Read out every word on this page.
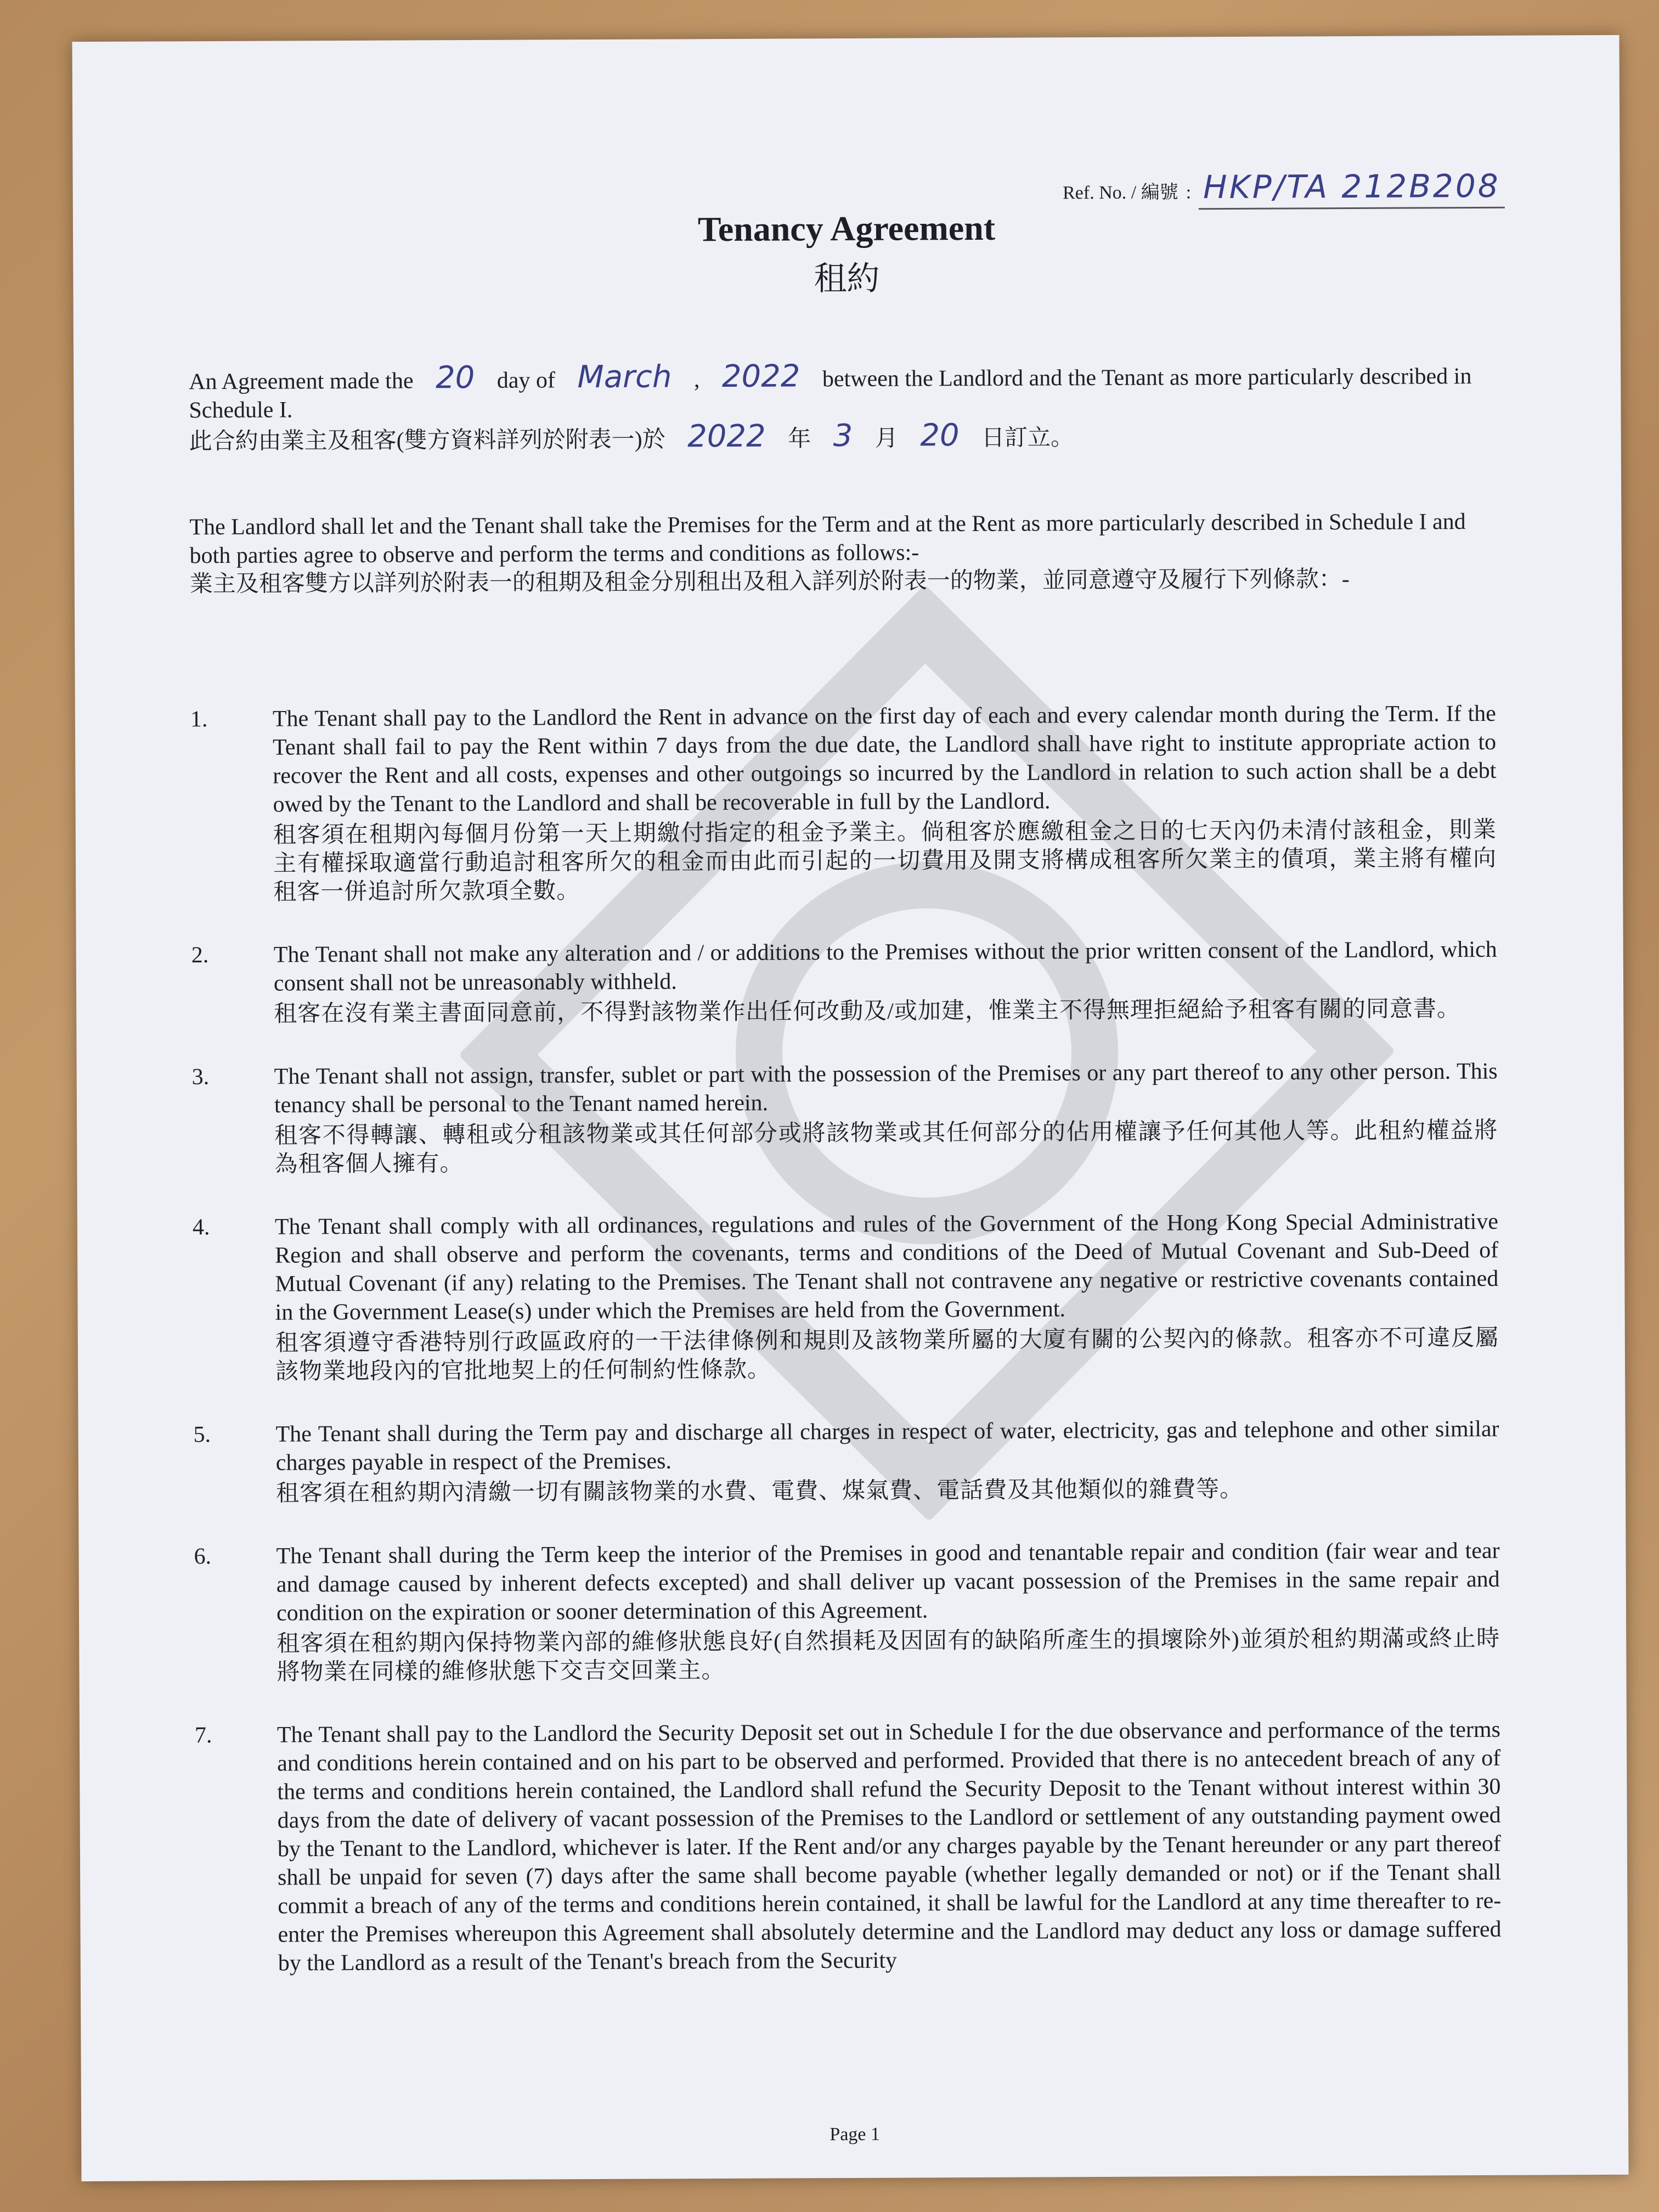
Ref. No. / 編號 : HKP/TA 212B208
Tenancy Agreement
租約
An Agreement made the 20 day of March , 2022 between the Landlord and the Tenant as more particularly described in Schedule I.
此合約由業主及租客(雙方資料詳列於附表一)於 2022 年 3 月 20 日訂立。
The Landlord shall let and the Tenant shall take the Premises for the Term and at the Rent as more particularly described in Schedule I and both parties agree to observe and perform the terms and conditions as follows:-
業主及租客雙方以詳列於附表一的租期及租金分別租出及租入詳列於附表一的物業，並同意遵守及履行下列條款：-
1.	The Tenant shall pay to the Landlord the Rent in advance on the first day of each and every calendar month during the Term. If the Tenant shall fail to pay the Rent within 7 days from the due date, the Landlord shall have right to institute appropriate action to recover the Rent and all costs, expenses and other outgoings so incurred by the Landlord in relation to such action shall be a debt owed by the Tenant to the Landlord and shall be recoverable in full by the Landlord.
租客須在租期內每個月份第一天上期繳付指定的租金予業主。倘租客於應繳租金之日的七天內仍未清付該租金，則業主有權採取適當行動追討租客所欠的租金而由此而引起的一切費用及開支將構成租客所欠業主的債項，業主將有權向租客一併追討所欠款項全數。
2.	The Tenant shall not make any alteration and / or additions to the Premises without the prior written consent of the Landlord, which consent shall not be unreasonably withheld.
租客在沒有業主書面同意前，不得對該物業作出任何改動及/或加建，惟業主不得無理拒絕給予租客有關的同意書。
3.	The Tenant shall not assign, transfer, sublet or part with the possession of the Premises or any part thereof to any other person. This tenancy shall be personal to the Tenant named herein.
租客不得轉讓、轉租或分租該物業或其任何部分或將該物業或其任何部分的佔用權讓予任何其他人等。此租約權益將為租客個人擁有。
4.	The Tenant shall comply with all ordinances, regulations and rules of the Government of the Hong Kong Special Administrative Region and shall observe and perform the covenants, terms and conditions of the Deed of Mutual Covenant and Sub-Deed of Mutual Covenant (if any) relating to the Premises. The Tenant shall not contravene any negative or restrictive covenants contained in the Government Lease(s) under which the Premises are held from the Government.
租客須遵守香港特別行政區政府的一干法律條例和規則及該物業所屬的大廈有關的公契內的條款。租客亦不可違反屬該物業地段內的官批地契上的任何制約性條款。
5.	The Tenant shall during the Term pay and discharge all charges in respect of water, electricity, gas and telephone and other similar charges payable in respect of the Premises.
租客須在租約期內清繳一切有關該物業的水費、電費、煤氣費、電話費及其他類似的雜費等。
6.	The Tenant shall during the Term keep the interior of the Premises in good and tenantable repair and condition (fair wear and tear and damage caused by inherent defects excepted) and shall deliver up vacant possession of the Premises in the same repair and condition on the expiration or sooner determination of this Agreement.
租客須在租約期內保持物業內部的維修狀態良好(自然損耗及因固有的缺陷所產生的損壞除外)並須於租約期滿或終止時將物業在同樣的維修狀態下交吉交回業主。
7.	The Tenant shall pay to the Landlord the Security Deposit set out in Schedule I for the due observance and performance of the terms and conditions herein contained and on his part to be observed and performed. Provided that there is no antecedent breach of any of the terms and conditions herein contained, the Landlord shall refund the Security Deposit to the Tenant without interest within 30 days from the date of delivery of vacant possession of the Premises to the Landlord or settlement of any outstanding payment owed by the Tenant to the Landlord, whichever is later. If the Rent and/or any charges payable by the Tenant hereunder or any part thereof shall be unpaid for seven (7) days after the same shall become payable (whether legally demanded or not) or if the Tenant shall commit a breach of any of the terms and conditions herein contained, it shall be lawful for the Landlord at any time thereafter to re-enter the Premises whereupon this Agreement shall absolutely determine and the Landlord may deduct any loss or damage suffered by the Landlord as a result of the Tenant's breach from the Security
Page 1
